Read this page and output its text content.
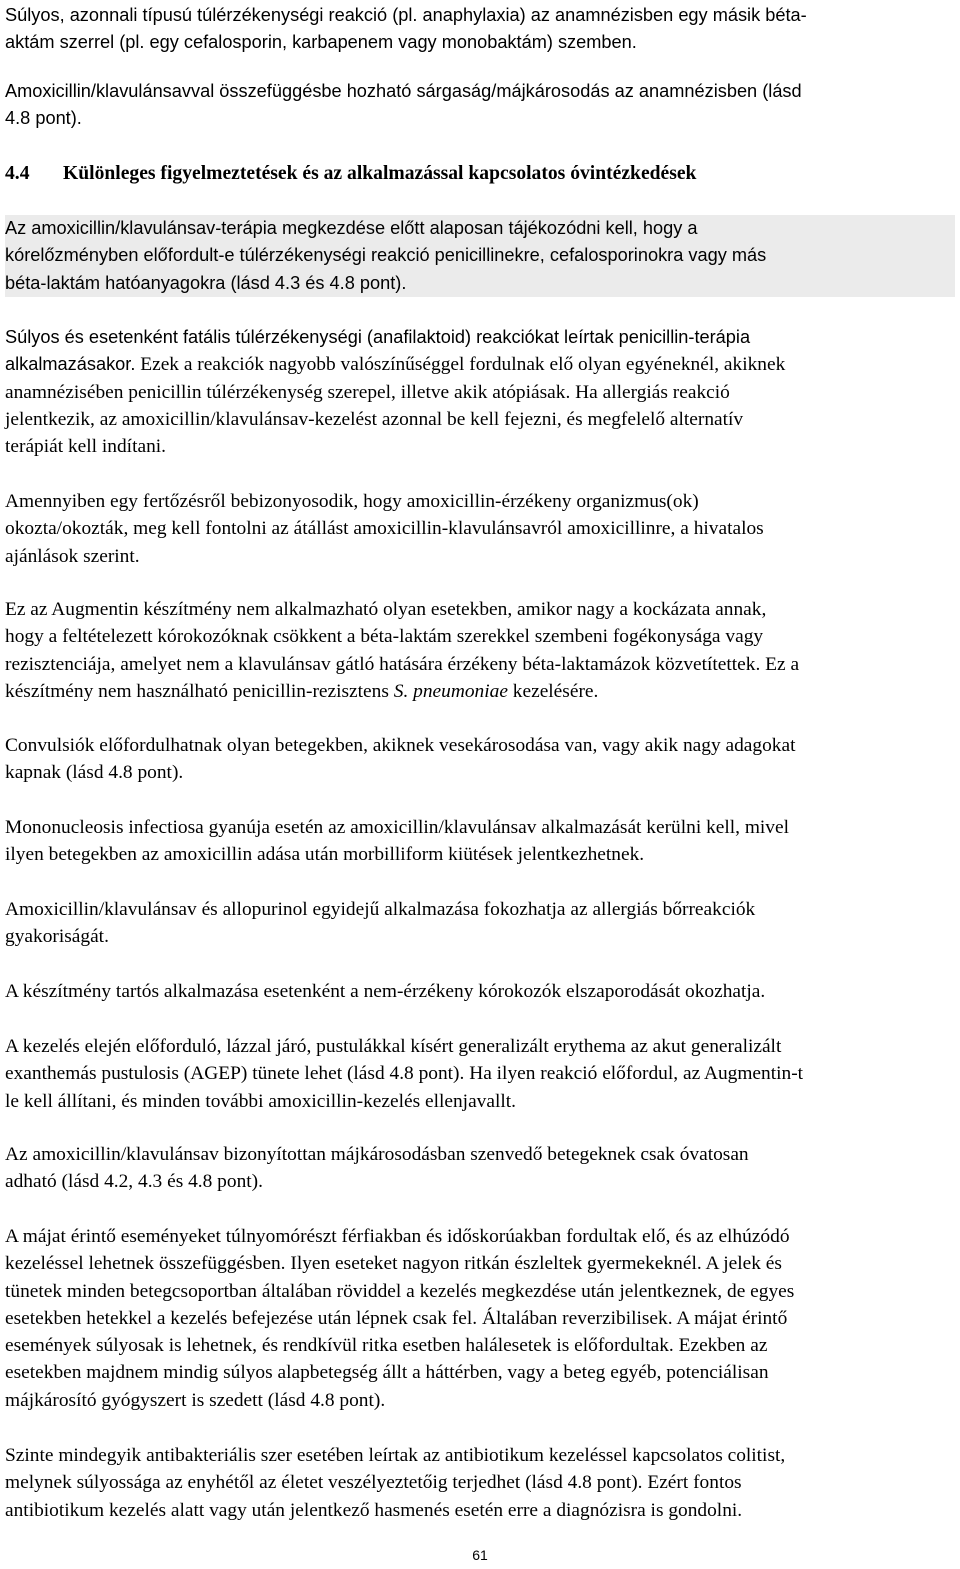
Súlyos, azonnali típusú túlérzékenységi reakció (pl. anaphylaxia) az anamnézisben egy másik béta-
aktám szerrel (pl. egy cefalosporin, karbapenem vagy monobaktám) szemben.

Amoxicillin/klavulánsavval összefüggésbe hozható sárgaság/májkárosodás az anamnézisben (lásd
4.8 pont).

4.4 Különleges figyelmeztetések és az alkalmazással kapcsolatos óvintézkedések

Az amoxicillin/klavulánsav-terápia megkezdése előtt alaposan tájékozódni kell, hogy a
kórelőzményben előfordult-e túlérzékenységi reakció penicillinekre, cefalosporinokra vagy más
béta-laktám hatóanyagokra (lásd 4.3 és 4.8 pont).

Súlyos és esetenként fatális túlérzékenységi (anafilaktoid) reakciókat leírtak penicillin-terápia
alkalmazásakor. Ezek a reakciók nagyobb valószínűséggel fordulnak elő olyan egyéneknél, akiknek
anamnézisében penicillin túlérzékenység szerepel, illetve akik atópiásak. Ha allergiás reakció
jelentkezik, az amoxicillin/klavulánsav-kezelést azonnal be kell fejezni, és megfelelő alternatív
terápiát kell indítani.

Amennyiben egy fertőzésről bebizonyosodik, hogy amoxicillin-érzékeny organizmus(ok)
okozta/okozták, meg kell fontolni az átállást amoxicillin-klavulánsavról amoxicillinre, a hivatalos
ajánlások szerint.

Ez az Augmentin készítmény nem alkalmazható olyan esetekben, amikor nagy a kockázata annak,
hogy a feltételezett kórokozóknak csökkent a béta-laktám szerekkel szembeni fogékonysága vagy
rezisztenciája, amelyet nem a klavulánsav gátló hatására érzékeny béta-laktamázok közvetítettek. Ez a
készítmény nem használható penicillin-rezisztens S. pneumoniae kezelésére.

Convulsiók előfordulhatnak olyan betegekben, akiknek vesekárosodása van, vagy akik nagy adagokat
kapnak (lásd 4.8 pont).

Mononucleosis infectiosa gyanúja esetén az amoxicillin/klavulánsav alkalmazását kerülni kell, mivel
ilyen betegekben az amoxicillin adása után morbilliform kiütések jelentkezhetnek.

Amoxicillin/klavulánsav és allopurinol egyidejű alkalmazása fokozhatja az allergiás bőrreakciók
gyakoriságát.

A készítmény tartós alkalmazása esetenként a nem-érzékeny kórokozók elszaporodását okozhatja.

A kezelés elején előforduló, lázzal járó, pustulákkal kísért generalizált erythema az akut generalizált
exanthemás pustulosis (AGEP) tünete lehet (lásd 4.8 pont). Ha ilyen reakció előfordul, az Augmentin-t
le kell állítani, és minden további amoxicillin-kezelés ellenjavallt.

Az amoxicillin/klavulánsav bizonyítottan májkárosodásban szenvedő betegeknek csak óvatosan
adható (lásd 4.2, 4.3 és 4.8 pont).

A májat érintő eseményeket túlnyomórészt férfiakban és időskorúakban fordultak elő, és az elhúzódó
kezeléssel lehetnek összefüggésben. Ilyen eseteket nagyon ritkán észleltek gyermekeknél. A jelek és
tünetek minden betegcsoportban általában röviddel a kezelés megkezdése után jelentkeznek, de egyes
esetekben hetekkel a kezelés befejezése után lépnek csak fel. Általában reverzibilisek. A májat érintő
események súlyosak is lehetnek, és rendkívül ritka esetben halálesetek is előfordultak. Ezekben az
esetekben majdnem mindig súlyos alapbetegség állt a háttérben, vagy a beteg egyéb, potenciálisan
májkárosító gyógyszert is szedett (lásd 4.8 pont).

Szinte mindegyik antibakteriális szer esetében leírtak az antibiotikum kezeléssel kapcsolatos colitist,
melynek súlyossága az enyhétől az életet veszélyeztetőig terjedhet (lásd 4.8 pont). Ezért fontos
antibiotikum kezelés alatt vagy után jelentkező hasmenés esetén erre a diagnózisra is gondolni.

61
